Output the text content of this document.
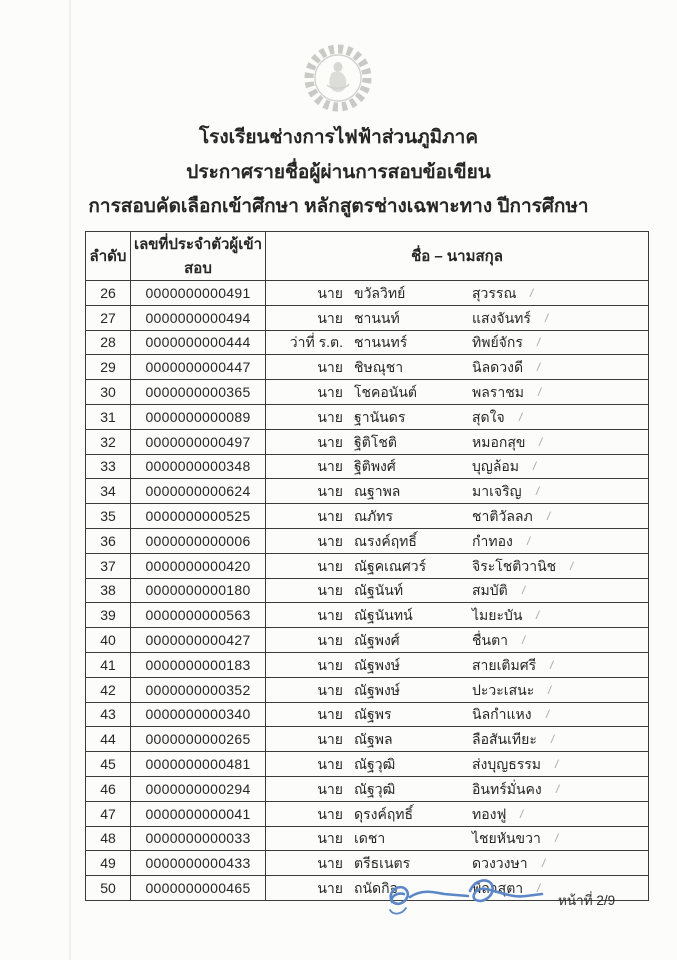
โรงเรียนช่างการไฟฟ้าส่วนภูมิภาค
ประกาศรายชื่อผู้ผ่านการสอบข้อเขียน
การสอบคัดเลือกเข้าศึกษา หลักสูตรช่างเฉพาะทาง ปีการศึกษา
ลำดับ	เลขที่ประจำตัวผู้เข้าสอบ	ชื่อ – นามสกุล
26	0000000000491	นาย ขวัลวิทย์ สุวรรณ /

27	0000000000494	นาย ชานนท์ แสงจันทร์ /

28	0000000000444	ว่าที่ ร.ต. ชานนทร์ ทิพย์จักร /

29	0000000000447	นาย ชิษณุชา นิลดวงดี /

30	0000000000365	นาย โชคอนันต์ พลราชม /

31	0000000000089	นาย ฐานันดร สุดใจ /

32	0000000000497	นาย ฐิติโชติ หมอกสุข /

33	0000000000348	นาย ฐิติพงศ์ บุญล้อม /

34	0000000000624	นาย ณฐาพล มาเจริญ /

35	0000000000525	นาย ณภัทร ชาติวัลลภ /

36	0000000000006	นาย ณรงค์ฤทธิ์ กำทอง /

37	0000000000420	นาย ณัฐคเณศวร์ จิระโชติวานิช /

38	0000000000180	นาย ณัฐนันท์ สมบัติ /

39	0000000000563	นาย ณัฐนันทน์ ไมยะบัน /

40	0000000000427	นาย ณัฐพงศ์ ชื่นตา /

41	0000000000183	นาย ณัฐพงษ์ สายเติมศรี /

42	0000000000352	นาย ณัฐพงษ์ ปะวะเสนะ /

43	0000000000340	นาย ณัฐพร นิลกำแหง /

44	0000000000265	นาย ณัฐพล ลือสันเทียะ /

45	0000000000481	นาย ณัฐวุฒิ ส่งบุญธรรม /

46	0000000000294	นาย ณัฐวุฒิ อินทร์มั่นคง /

47	0000000000041	นาย ดุรงค์ฤทธิ์ ทองฟู /

48	0000000000033	นาย เดชา ไชยหันขวา /

49	0000000000433	นาย ตรีธเนตร ดวงวงษา /

50	0000000000465	นาย ถนัดกิจ พิลาสุตา /
หน้าที่ 2/9
